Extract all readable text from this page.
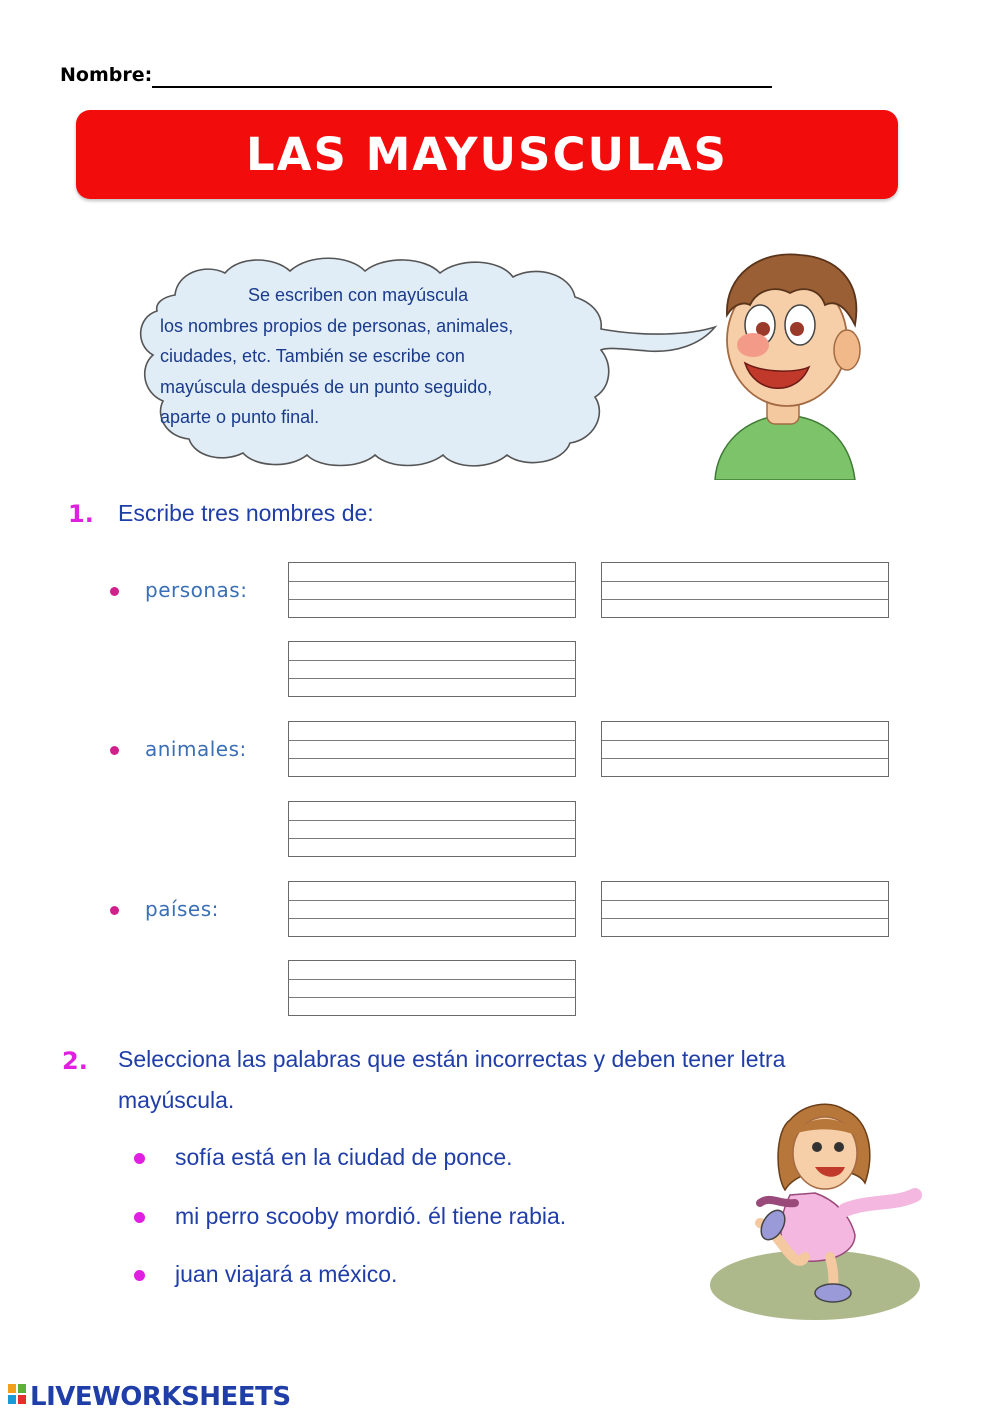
Nombre:
LAS MAYUSCULAS
Se escriben con mayúscula
los nombres propios de personas, animales,
ciudades, etc. También se escribe con
mayúscula después de un punto seguido,
aparte o punto final.
1. Escribe tres nombres de:
personas:
animales:
países:
2. Selecciona las palabras que están incorrectas y deben tener letra
mayúscula.
sofía está en la ciudad de ponce.
mi perro scooby mordió. él tiene rabia.
juan viajará a méxico.
LIVEWORKSHEETS
